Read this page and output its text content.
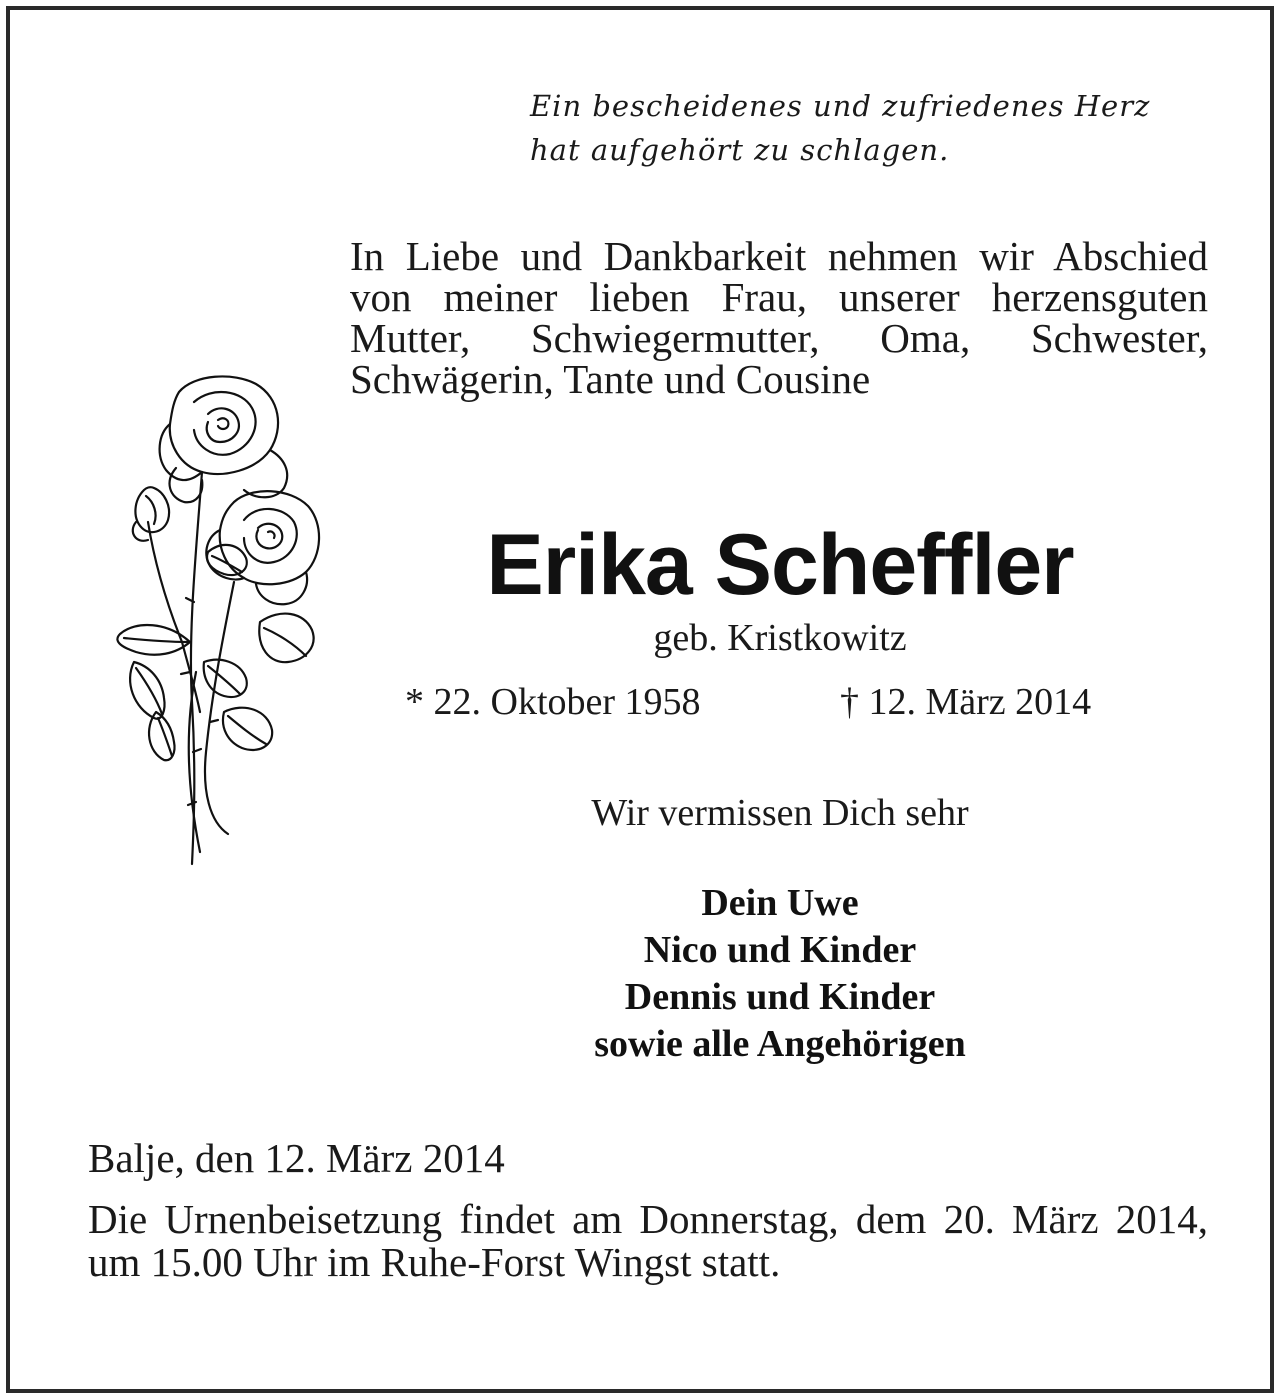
Ein bescheidenes und zufriedenes Herz
hat aufgehört zu schlagen.

In Liebe und Dankbarkeit nehmen wir Abschied von meiner lieben Frau, unserer herzensguten Mutter, Schwiegermutter, Oma, Schwester, Schwägerin, Tante und Cousine

Erika Scheffler
geb. Kristkowitz
* 22. Oktober 1958	† 12. März 2014
Wir vermissen Dich sehr
Dein Uwe
Nico und Kinder
Dennis und Kinder
sowie alle Angehörigen
Balje, den 12. März 2014

Die Urnenbeisetzung findet am Donnerstag, dem 20. März 2014, um 15.00 Uhr im Ruhe-Forst Wingst statt.
